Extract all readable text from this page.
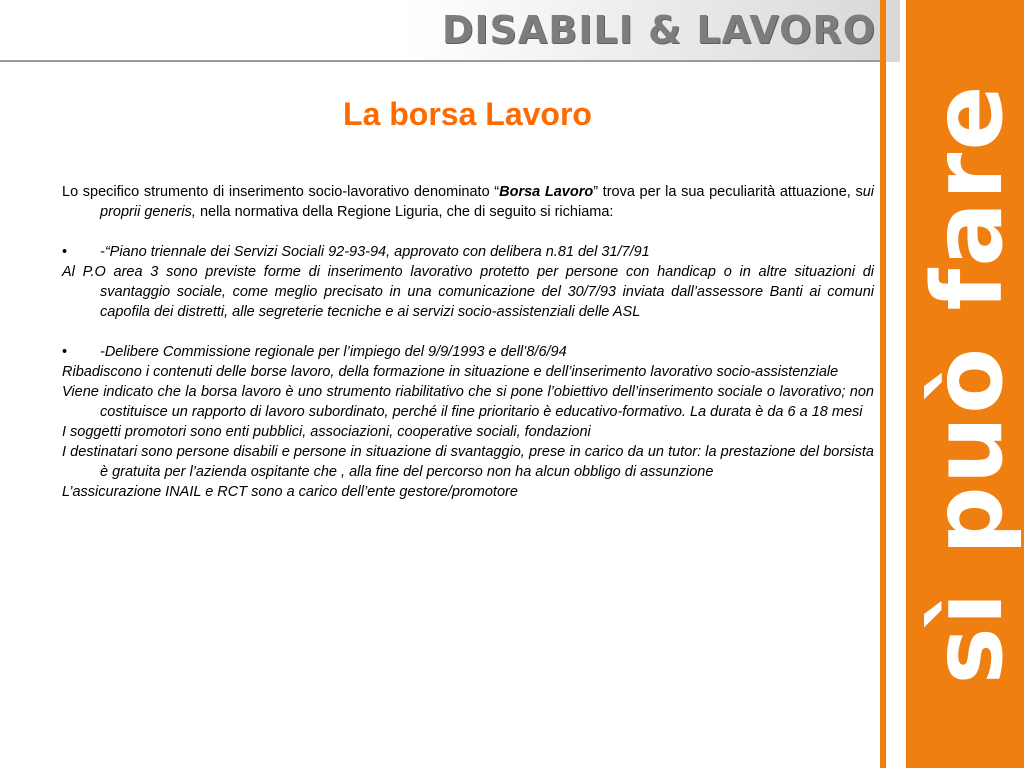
DISABILI & LAVORO
sì può fare
La borsa Lavoro

Lo specifico strumento di inserimento socio-lavorativo denominato “Borsa Lavoro” trova per la sua peculiarità attuazione, sui proprii generis, nella normativa della Regione Liguria, che di seguito si richiama:

•	-“Piano triennale dei Servizi Sociali 92-93-94, approvato con delibera n.81 del 31/7/91

Al P.O area 3 sono previste forme di inserimento lavorativo protetto per persone con handicap o in altre situazioni di svantaggio sociale, come meglio precisato in una comunicazione del 30/7/93 inviata dall’assessore Banti ai comuni capofila dei distretti, alle segreterie tecniche e ai servizi socio-assistenziali delle ASL

•	-Delibere Commissione regionale per l’impiego del 9/9/1993 e dell’8/6/94

Ribadiscono i contenuti delle borse lavoro, della formazione in situazione e dell’inserimento lavorativo socio-assistenziale

Viene indicato che la borsa lavoro è uno strumento riabilitativo che si pone l’obiettivo dell’inserimento sociale o lavorativo; non costituisce un rapporto di lavoro subordinato, perché il fine prioritario è educativo-formativo. La durata è da 6 a 18 mesi

I soggetti promotori sono enti pubblici, associazioni, cooperative sociali, fondazioni

I destinatari sono persone disabili e persone in situazione di svantaggio, prese in carico da un tutor: la prestazione del borsista è gratuita per l’azienda ospitante che , alla fine del percorso non ha alcun obbligo di assunzione

L’assicurazione INAIL e RCT sono a carico dell’ente gestore/promotore
